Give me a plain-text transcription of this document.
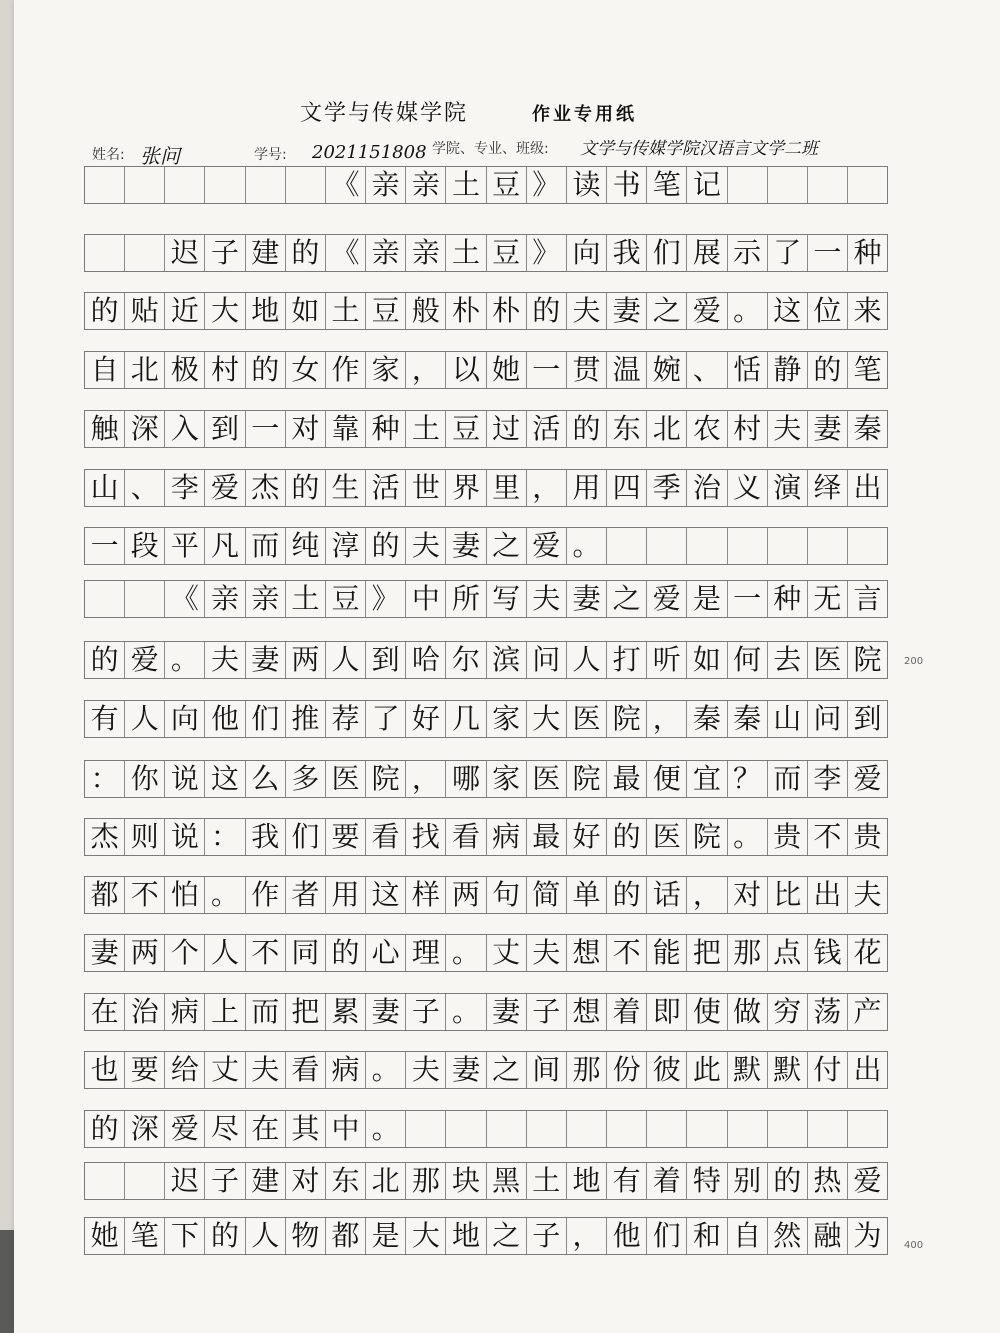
文学与传媒学院	作业专用纸
姓名: 张问	学号: 2021151808 学院、专业、班级: 文学与传媒学院汉语言文学二班
《 亲 亲 土 豆 》 读 书 笔 记
迟 子 建 的 《 亲 亲 土 豆 》 向 我 们 展 示 了 一 种
的 贴 近 大 地 如 土 豆 般 朴 朴 的 夫 妻 之 爱 。 这 位 来
自 北 极 村 的 女 作 家 ， 以 她 一 贯 温 婉 、 恬 静 的 笔
触 深 入 到 一 对 靠 种 土 豆 过 活 的 东 北 农 村 夫 妻 秦
山 、 李 爱 杰 的 生 活 世 界 里 ， 用 四 季 治 义 演 绎 出
一 段 平 凡 而 纯 淳 的 夫 妻 之 爱 。
《 亲 亲 土 豆 》 中 所 写 夫 妻 之 爱 是 一 种 无 言
的 爱 。 夫 妻 两 人 到 哈 尔 滨 问 人 打 听 如 何 去 医 院
有 人 向 他 们 推 荐 了 好 几 家 大 医 院 ， 秦 秦 山 问 到
： 你 说 这 么 多 医 院 ， 哪 家 医 院 最 便 宜 ？ 而 李 爱
杰 则 说 ： 我 们 要 看 找 看 病 最 好 的 医 院 。 贵 不 贵
都 不 怕 。 作 者 用 这 样 两 句 简 单 的 话 ， 对 比 出 夫
妻 两 个 人 不 同 的 心 理 。 丈 夫 想 不 能 把 那 点 钱 花
在 治 病 上 而 把 累 妻 子 。 妻 子 想 着 即 使 做 穷 荡 产
也 要 给 丈 夫 看 病 。 夫 妻 之 间 那 份 彼 此 默 默 付 出
的 深 爱 尽 在 其 中 。
迟 子 建 对 东 北 那 块 黑 土 地 有 着 特 别 的 热 爱
她 笔 下 的 人 物 都 是 大 地 之 子 ， 他 们 和 自 然 融 为
200
400
